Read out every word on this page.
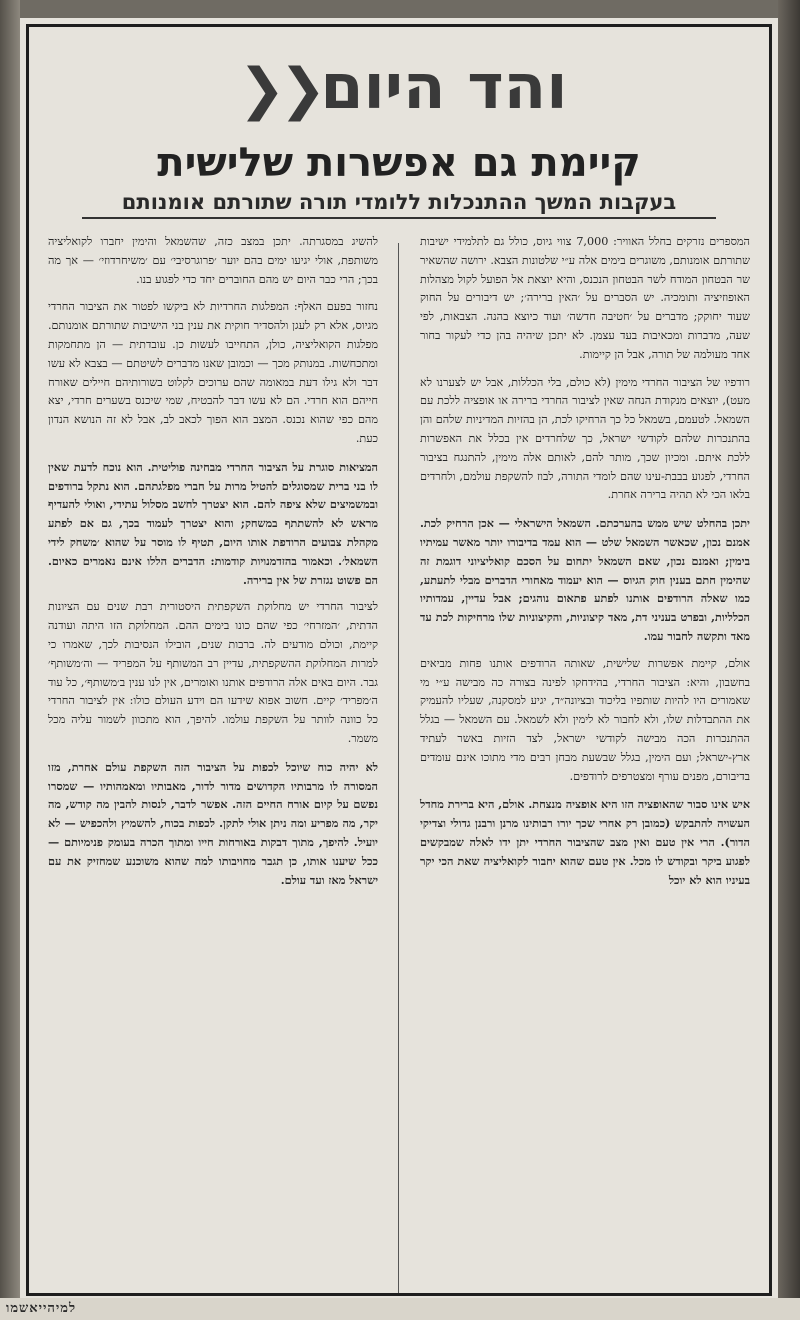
והד היום❮❮
קיימת גם אפשרות שלישית
בעקבות המשך ההתנכלות ללומדי תורה שתורתם אומנותם

המספרים נזרקים בחלל האוויר: 7,000 צווי גיוס, כולל גם לתלמידי ישיבות שתורתם אומנותם, משוגרים בימים אלה ע״י שלטונות הצבא. ירושה שהשאיר שר הבטחון המודח לשר הבטחון הנכנס, והיא יוצאת אל הפועל לקול מצהלות האופוזיציה ותומכיה. יש הסברים על ׳האין ברירה׳; יש דיבורים על החוק שעוד יחוקק; מדברים על ׳חטיבה חדשה׳ ועוד כיוצא בהנה. הצבאות, לפי שעה, מדברות ומכאיבות בעד עצמן. לא יתכן שיהיה בהן כדי לעקור בחור אחד מעולמה של תורה, אבל הן קיימות.

רודפיו של הציבור החרדי מימין (לא כולם, בלי הכללות, אבל יש לצערנו לא מעט), יוצאים מנקודת הנחה שאין לציבור החרדי ברירה או אופציה ללכת עם השמאל. לטעמם, בשמאל כל כך הרחיקו לכת, הן בהזיות המדיניות שלהם והן בהתנכרות שלהם לקודשי ישראל, כך שלחרדים אין בכלל את האפשרות ללכת איתם. ומכיון שכך, מותר להם, לאותם אלה מימין, להתנגח בציבור החרדי, לפגוע בבבת-עינו שהם לומדי התורה, לבוז להשקפת עולמם, ולחרדים בלאו הכי לא תהיה ברירה אחרת.

יתכן בהחלט שיש ממש בהערכתם. השמאל הישראלי — אכן הרחיק לכת. אמנם נכון, שכאשר השמאל שלט — הוא עמד בדיבורו יותר מאשר עמיתיו בימין; ואמנם נכון, שאם השמאל יתחום על הסכם קואליציוני דוגמת זה שהימין חתם בענין חוק הגיוס — הוא יעמוד מאחורי הדברים מבלי לתעתע, כמו שאלה הרודפים אותנו לפתע פתאום נוהגים; אבל עדיין, עמדותיו הכלליות, ובפרט בעניני דת, מאד קיצוניות, והקיצוניות שלו מרחיקות לכת עד מאד ותקשה לחבור עמו.

אולם, קיימת אפשרות שלישית, שאותה הרודפים אותנו פחות מביאים בחשבון, והיא: הציבור החרדי, בהידחקו לפינה בצורה כה מבישה ע״י מי שאמורים היו להיות שותפיו בליכוד ובציונה״ד, יגיע למסקנה, שעליו להעמיק את ההתבדלות שלו, ולא לחבור לא לימין ולא לשמאל. עם השמאל — בגלל ההתנכרות הכה מבישה לקודשי ישראל, לצד הזיות באשר לעתיד ארץ-ישראל; ועם הימין, בגלל שבשעת מבחן רבים מדי מתוכו אינם עומדים בדיבורם, מפנים עורף ומצטרפים לרודפים.

איש אינו סבור שהאופציה הזו היא אופציה מנצחת. אולם, היא ברירת מחדל העשויה להתבקש (כמובן רק אחרי שכך יורו רבותינו מרנן ורבנן גדולי וצדיקי הדור). הרי אין טעם ואין מצב שהציבור החרדי יתן ידו לאלה שמבקשים לפגוע ביקר ובקודש לו מכל. אין טעם שהוא יחבור לקואליציה שאת הכי יקר בעיניו הוא לא יוכל

להשיג במסגרתה. יתכן במצב כזה, שהשמאל והימין יחברו לקואליציה משותפת, אולי יגיעו ימים בהם יוער ׳פרוגרסיבי׳ עם ׳משיחרדוזי׳ — אך מה בכך; הרי כבר היום יש מהם החוברים יחד כדי לפגוע בנו.

נחזור בפעם האלף: המפלגות החרדיות לא ביקשו לפטור את הציבור החרדי מגיוס, אלא רק לעגן ולהסדיר חוקית את ענין בני הישיבות שתורתם אומנותם. מפלגות הקואליציה, כולן, התחייבו לעשות כן. עובדתית — הן מתחמקות ומתכחשות. במנותק מכך — וכמובן שאנו מדברים לשיטתם — בצבא לא עשו דבר ולא גילו דעת במאומה שהם ערוכים לקלוט בשורותיהם חיילים שאורח חייהם הוא חרדי. הם לא עשו דבר להבטיח, שמי שיכנס בשערים חרדי, יצא מהם כפי שהוא נכנס. המצב הוא הפוך לכאב לב, אבל לא זה הנושא הנדון כעת.

המציאות סוגרת על הציבור החרדי מבחינה פוליטית. הוא נוכח לדעת שאין לו בני ברית שמסוגלים להטיל מרות על חברי מפלגתהם. הוא נתקל ברודפים ובמשמיצים שלא ציפה להם. הוא יצטרך לחשב מסלול עתידי, ואולי להעדיף מראש לא להשתתף במשחק; והוא יצטרך לעמוד בכך, גם אם לפתע מקהלת צבועים הרודפת אותו היום, תטיף לו מוסר על שהוא ׳משחק לידי השמאל׳. וכאמור בהזדמנויות קודמות: הדברים הללו אינם נאמרים כאיום. הם פשוט נגזרת של אין ברירה.

לציבור החרדי יש מחלוקת השקפתית היסטורית רבת שנים עם הציונות הדתית, ׳המזרחי׳ כפי שהם כונו בימים ההם. המחלוקת הזו היתה ועודנה קיימת, וכולם מודעים לה. ברבות שנים, הובילו הנסיבות לכך, שאמרו כי למרות המחלוקת ההשקפתית, עדיין רב המשותף על המפריד — וה׳משותף׳ גבר. היום באים אלה הרודפים אותנו ואומרים, אין לנו ענין ב׳משותף׳, כל עוד ה׳מפריד׳ קיים. חשוב אפוא שידעו הם וידע העולם כולו: אין לציבור החרדי כל כוונה לוותר על השקפת עולמו. להיפך, הוא מתכוון לשמור עליה מכל משמר.

לא יהיה כוח שיוכל לכפות על הציבור הזה השקפת עולם אחרת, מזו המסורה לו מרבותיו הקדושים מדור לדור, מאבותיו ומאמהותיו — שמסרו נפשם על קיום אורח החיים הזה. אפשר לדבר, לנסות להבין מה קודש, מה יקר, מה מפריע ומה ניתן אולי לתקן. לכפות בכוח, להשמיץ ולהכפיש — לא יועיל. להיפך, מתוך דבקות באורחות חייו ומתוך הכרה בעומק פנימיותם — ככל שיענו אותו, כן תגבר מחויבותו למה שהוא משוכנע שמחזיק את עם ישראל מאז ועד עולם.

למיהייאשמו
